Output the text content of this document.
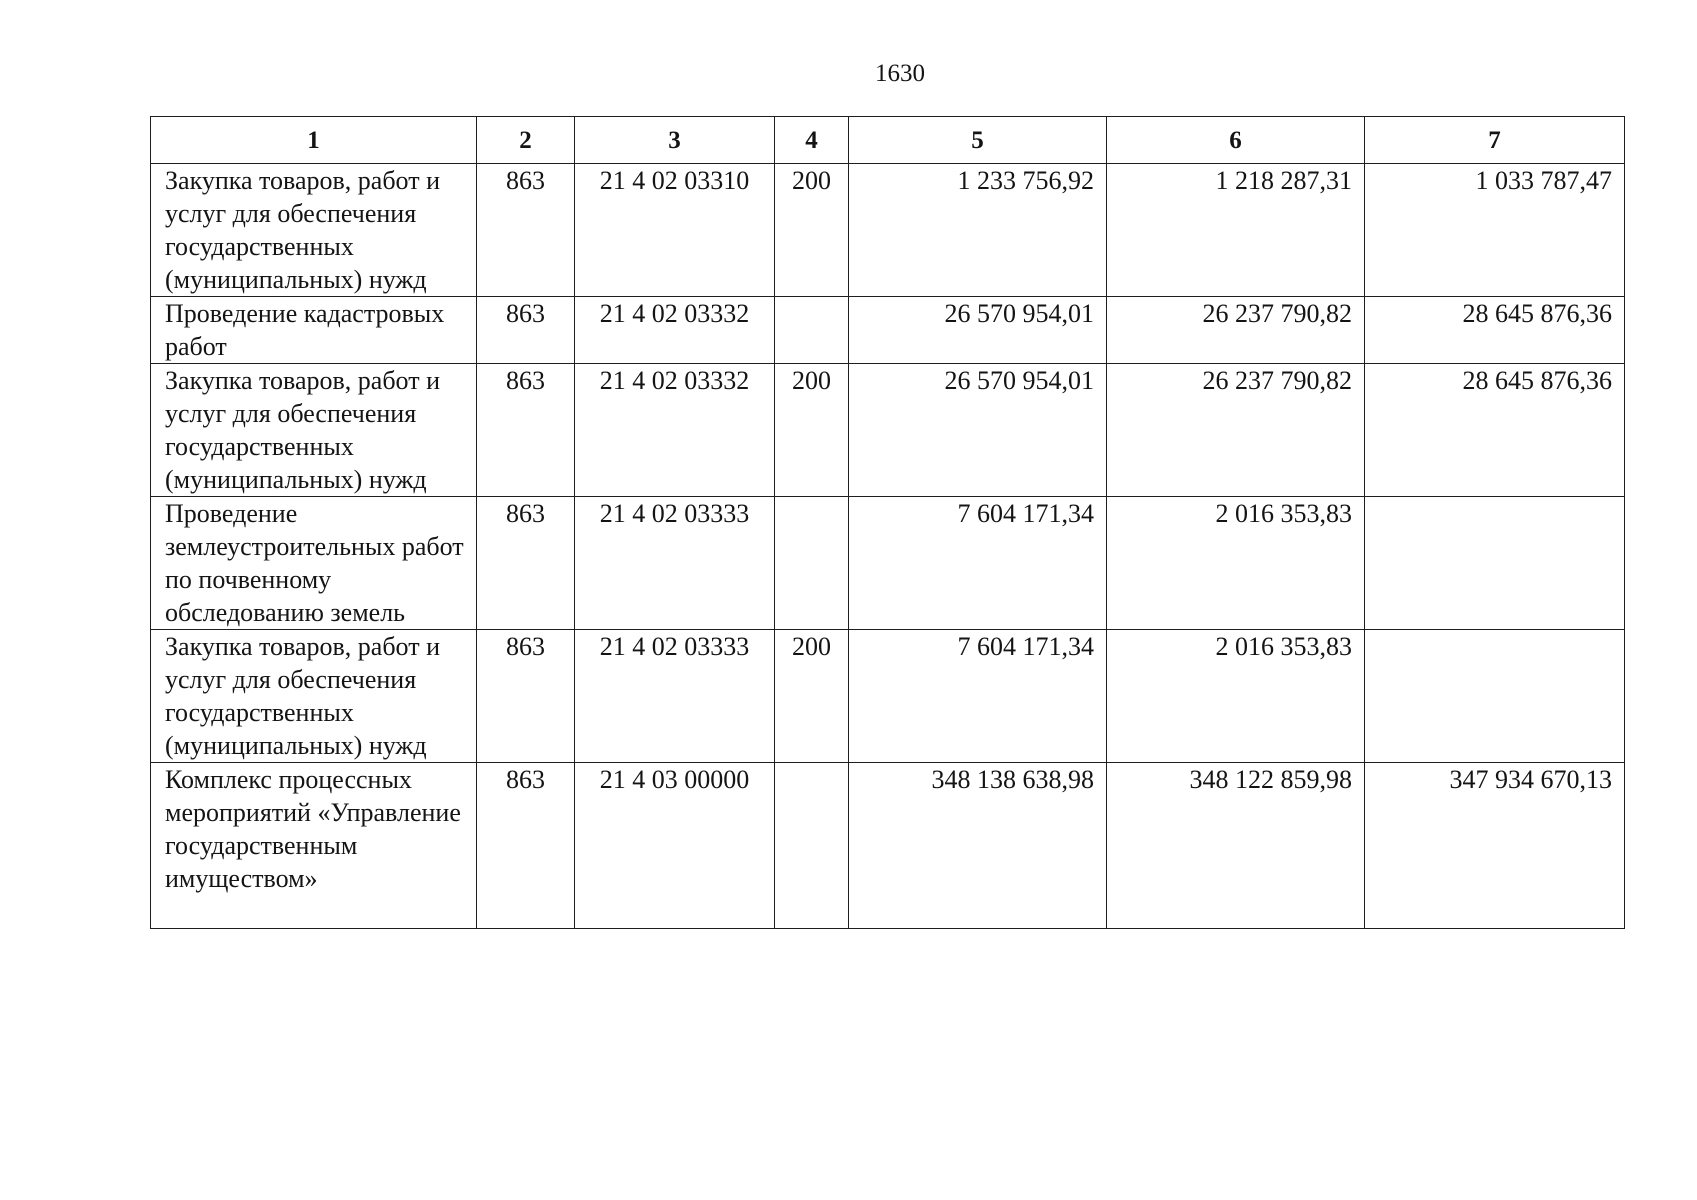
1630
1	2	3	4	5	6	7
Закупка товаров, работ и услуг для обеспечения государственных (муниципальных) нужд	863	21 4 02 03310	200	1 233 756,92	1 218 287,31	1 033 787,47
Проведение кадастровых работ	863	21 4 02 03332		26 570 954,01	26 237 790,82	28 645 876,36
Закупка товаров, работ и услуг для обеспечения государственных (муниципальных) нужд	863	21 4 02 03332	200	26 570 954,01	26 237 790,82	28 645 876,36
Проведение землеустроительных работ по почвенному обследованию земель	863	21 4 02 03333		7 604 171,34	2 016 353,83	
Закупка товаров, работ и услуг для обеспечения государственных (муниципальных) нужд	863	21 4 02 03333	200	7 604 171,34	2 016 353,83	
Комплекс процессных мероприятий «Управление государственным имуществом»	863	21 4 03 00000		348 138 638,98	348 122 859,98	347 934 670,13
